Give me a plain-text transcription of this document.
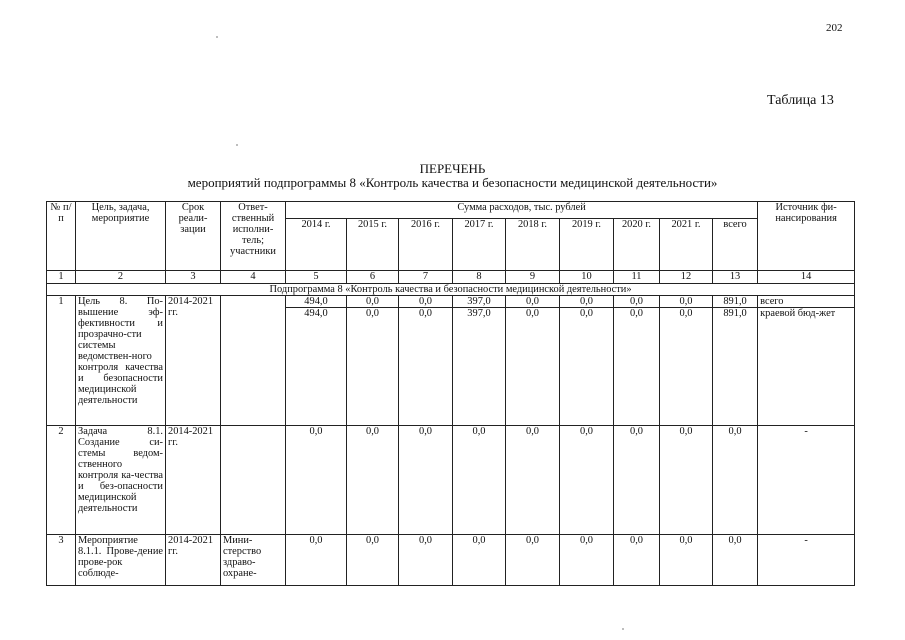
202
Таблица 13
ПЕРЕЧЕНЬ
мероприятий подпрограммы 8 «Контроль качества и безопасности медицинской деятельности»
№ п/п	Цель, задача, мероприятие	Срок реали-зации	Ответ-ственный исполни-тель; участники	Сумма расходов, тыс. рублей									Источник фи-нансирования
				2014 г.	2015 г.	2016 г.	2017 г.	2018 г.	2019 г.	2020 г.	2021 г.	всего	
1	2	3	4	5	6	7	8	9	10	11	12	13	14
Подпрограмма 8 «Контроль качества и безопасности медицинской деятельности»													
1	Цель 8. По-вышение эф-фективности и прозрачно-сти системы ведомствен-ного контроля качества и безопасности медицинской деятельности	2014-2021 гг.		494,0	0,0	0,0	397,0	0,0	0,0	0,0	0,0	891,0	всего
				494,0	0,0	0,0	397,0	0,0	0,0	0,0	0,0	891,0	краевой бюд-жет
2	Задача 8.1. Создание си-стемы ведом-ственного контроля ка-чества и без-опасности медицинской деятельности	2014-2021 гг.		0,0	0,0	0,0	0,0	0,0	0,0	0,0	0,0	0,0	-
3	Мероприятие 8.1.1. Прове-дение прове-рок соблюде-	2014-2021 гг.	Мини-стерство здраво-охране-	0,0	0,0	0,0	0,0	0,0	0,0	0,0	0,0	0,0	-
